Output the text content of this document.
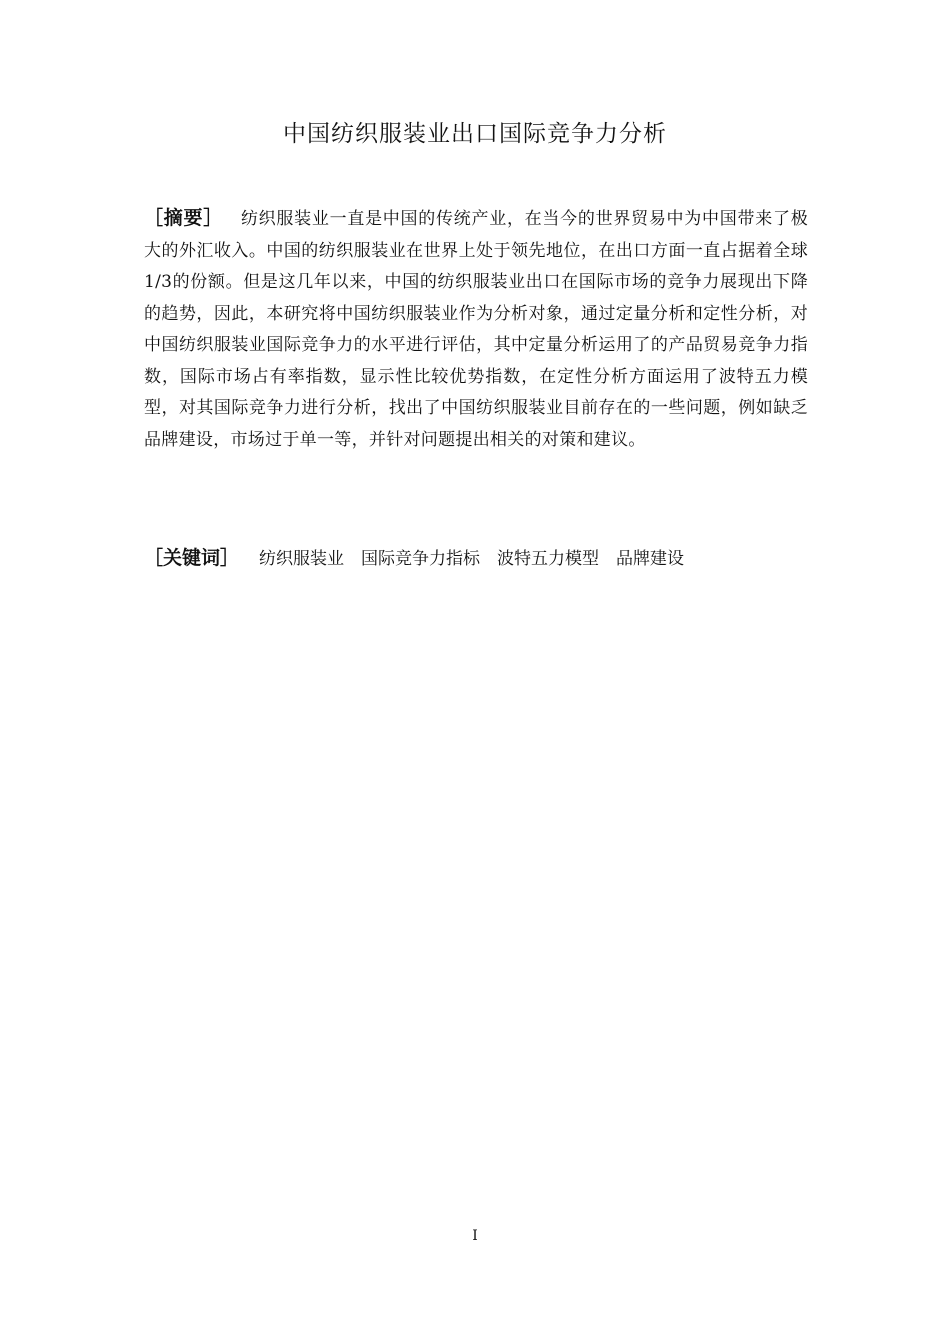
中国纺织服装业出口国际竞争力分析
［摘要］ 纺织服装业一直是中国的传统产业，在当今的世界贸易中为中国带来了极大的外汇收入。中国的纺织服装业在世界上处于领先地位，在出口方面一直占据着全球1/3的份额。但是这几年以来，中国的纺织服装业出口在国际市场的竞争力展现出下降的趋势，因此，本研究将中国纺织服装业作为分析对象，通过定量分析和定性分析，对中国纺织服装业国际竞争力的水平进行评估，其中定量分析运用了的产品贸易竞争力指数，国际市场占有率指数，显示性比较优势指数，在定性分析方面运用了波特五力模型，对其国际竞争力进行分析，找出了中国纺织服装业目前存在的一些问题，例如缺乏品牌建设，市场过于单一等，并针对问题提出相关的对策和建议。
［关键词］ 纺织服装业 国际竞争力指标 波特五力模型 品牌建设
I
